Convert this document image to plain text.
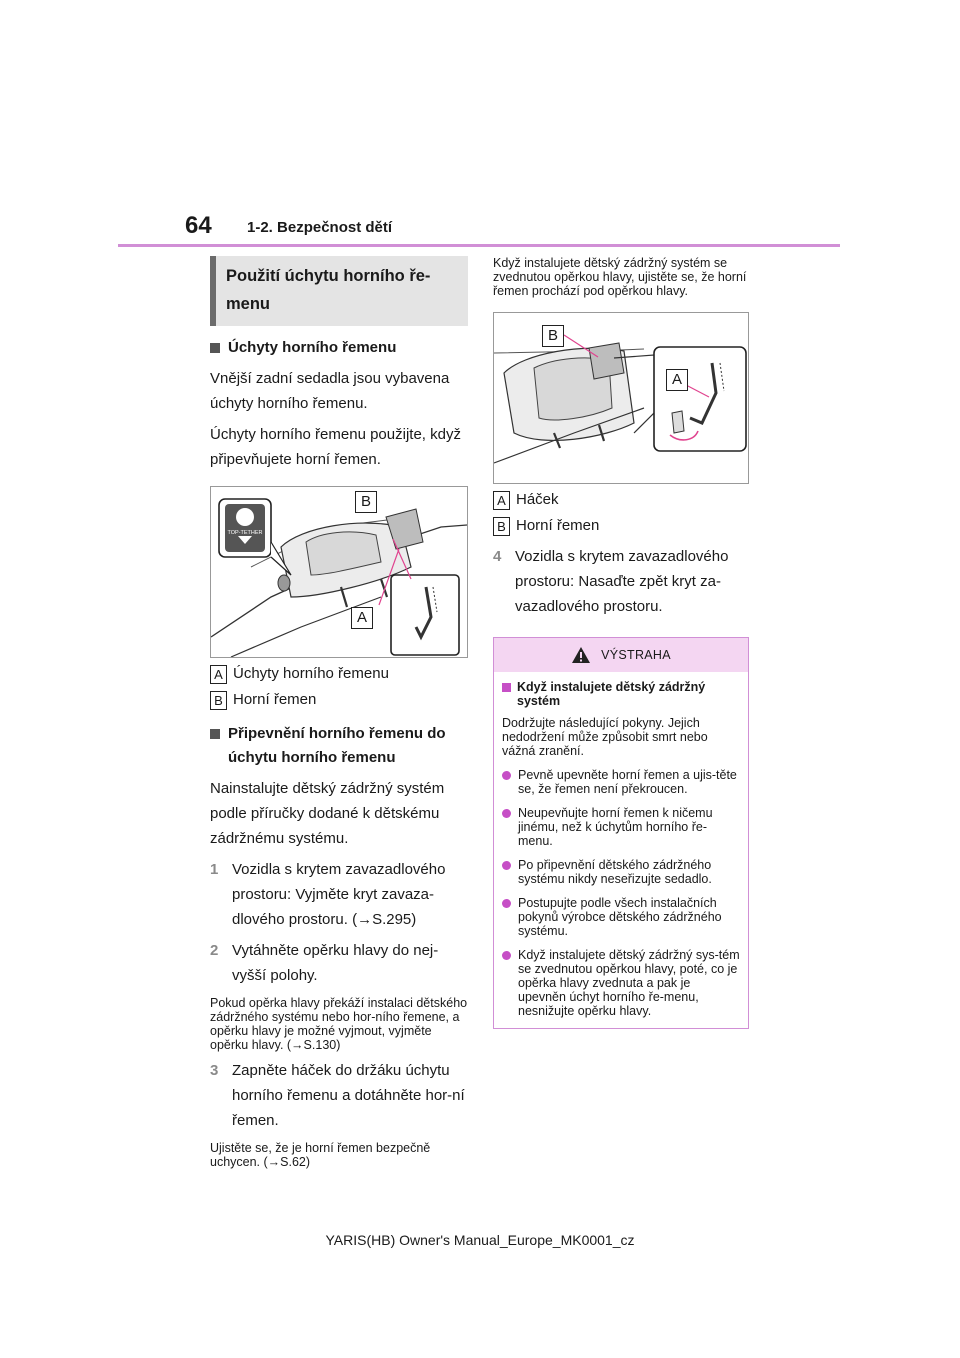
64 1-2. Bezpečnost dětí
Použití úchytu horního ře-menu
Úchyty horního řemenu
Vnější zadní sedadla jsou vybavena úchyty horního řemenu.
Úchyty horního řemenu použijte, když připevňujete horní řemen.
TOP-TETHER
B
A
A Úchyty horního řemenu
B Horní řemen
Připevnění horního řemenu do úchytu horního řemenu
Nainstalujte dětský zádržný systém podle příručky dodané k dětskému zádržnému systému.
1 Vozidla s krytem zavazadlového prostoru: Vyjměte kryt zavaza-dlového prostoru. (→S.295)
2 Vytáhněte opěrku hlavy do nej-vyšší polohy.
Pokud opěrka hlavy překáží instalaci dětského zádržného systému nebo hor-ního řemene, a opěrku hlavy je možné vyjmout, vyjměte opěrku hlavy. (→S.130)
3 Zapněte háček do držáku úchytu horního řemenu a dotáhněte hor-ní řemen.
Ujistěte se, že je horní řemen bezpečně uchycen. (→S.62)
Když instalujete dětský zádržný systém se zvednutou opěrkou hlavy, ujistěte se, že horní řemen prochází pod opěrkou hlavy.
B
A
A Háček
B Horní řemen
4 Vozidla s krytem zavazadlového prostoru: Nasaďte zpět kryt za-vazadlového prostoru.
VÝSTRAHA
Když instalujete dětský zádržný systém
Dodržujte následující pokyny. Jejich nedodržení může způsobit smrt nebo vážná zranění.
Pevně upevněte horní řemen a ujis-těte se, že řemen není překroucen.
Neupevňujte horní řemen k ničemu jinému, než k úchytům horního ře-menu.
Po připevnění dětského zádržného systému nikdy neseřizujte sedadlo.
Postupujte podle všech instalačních pokynů výrobce dětského zádržného systému.
Když instalujete dětský zádržný sys-tém se zvednutou opěrkou hlavy, poté, co je opěrka hlavy zvednuta a pak je upevněn úchyt horního ře-menu, nesnižujte opěrku hlavy.
YARIS(HB) Owner's Manual_Europe_MK0001_cz
